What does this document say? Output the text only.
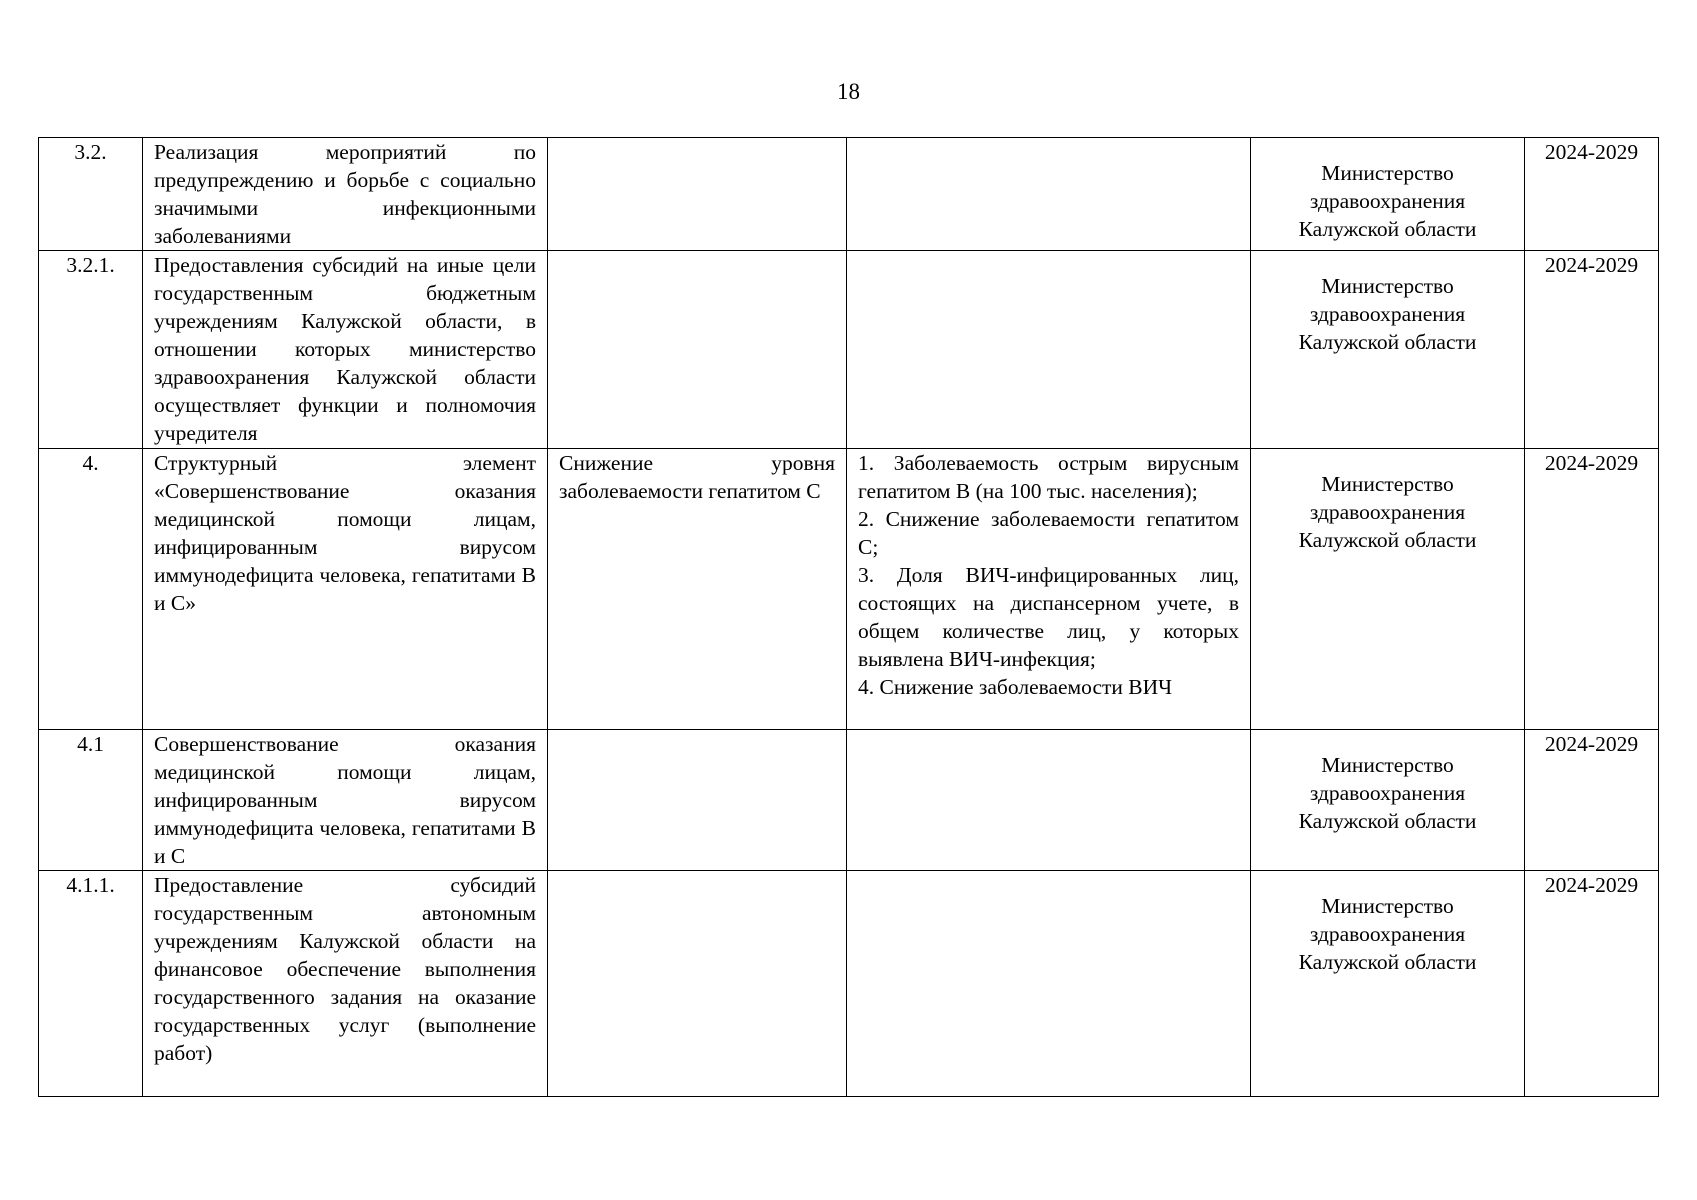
18
3.2.	Реализация мероприятий по предупреждению и борьбе с социально значимыми инфекционными заболеваниями			Министерство здравоохранения Калужской области	2024-2029
3.2.1.	Предоставления субсидий на иные цели государственным бюджетным учреждениям Калужской области, в отношении которых министерство здравоохранения Калужской области осуществляет функции и полномочия учредителя			Министерство здравоохранения Калужской области	2024-2029
4.	Структурный элемент «Совершенствование оказания медицинской помощи лицам, инфицированным вирусом иммунодефицита человека, гепатитами В и С»	Снижение уровня заболеваемости гепатитом С	1. Заболеваемость острым вирусным гепатитом В (на 100 тыс. населения);
2. Снижение заболеваемости гепатитом С;
3. Доля ВИЧ-инфицированных лиц, состоящих на диспансерном учете, в общем количестве лиц, у которых выявлена ВИЧ-инфекция;
4. Снижение заболеваемости ВИЧ	Министерство здравоохранения Калужской области	2024-2029
4.1	Совершенствование оказания медицинской помощи лицам, инфицированным вирусом иммунодефицита человека, гепатитами В и С			Министерство здравоохранения Калужской области	2024-2029
4.1.1.	Предоставление субсидий государственным автономным учреждениям Калужской области на финансовое обеспечение выполнения государственного задания на оказание государственных услуг (выполнение работ)			Министерство здравоохранения Калужской области	2024-2029
